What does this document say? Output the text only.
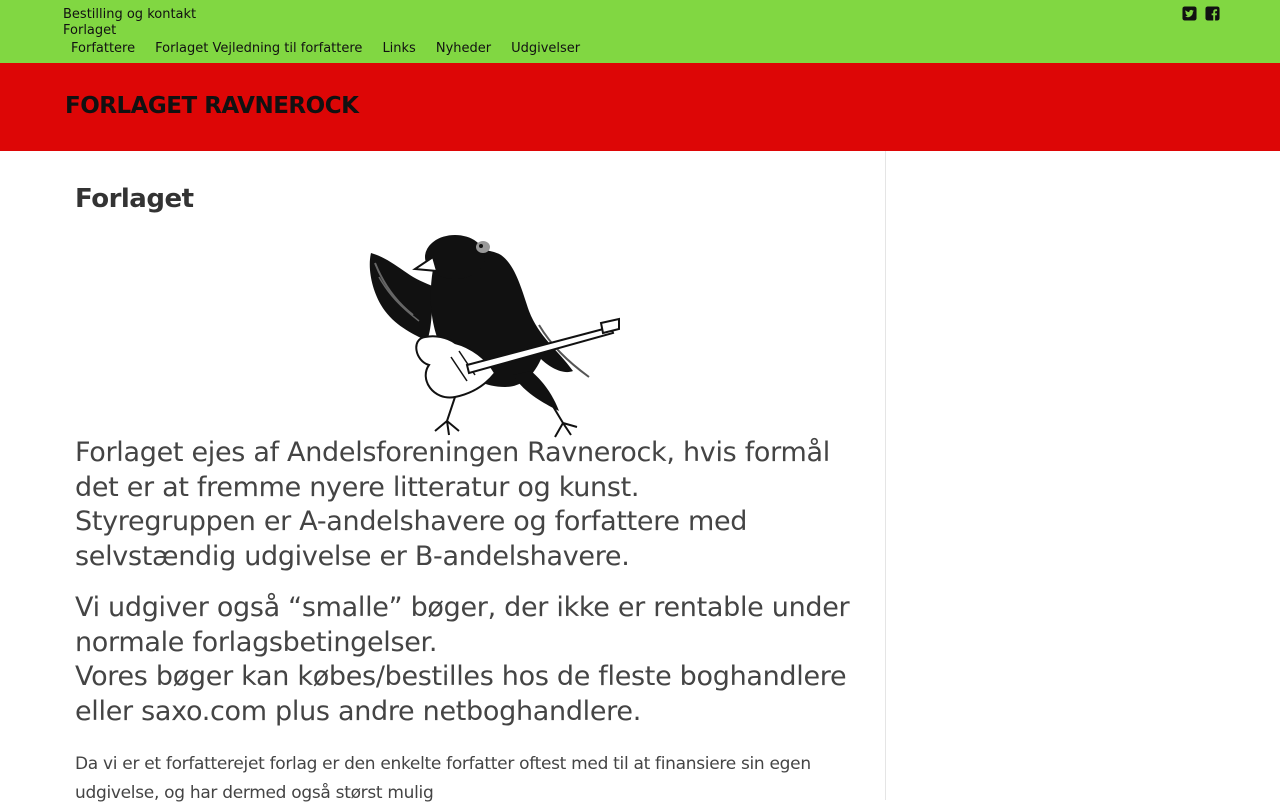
Bestilling og kontakt
Forlaget
Forfattere Forlaget Vejledning til forfattere Links Nyheder Udgivelser
FORLAGET RAVNEROCK
Forlaget
Forlaget ejes af Andelsforeningen Ravnerock, hvis formål det er at fremme nyere litteratur og kunst.
Styregruppen er A-andelshavere og forfattere med selvstændig udgivelse er B-andelshavere.
Vi udgiver også “smalle” bøger, der ikke er rentable under normale forlagsbetingelser.
Vores bøger kan købes/bestilles hos de fleste boghandlere eller saxo.com plus andre netboghandlere.

Da vi er et forfatterejet forlag er den enkelte forfatter oftest med til at finansiere sin egen udgivelse, og har dermed også størst mulig
